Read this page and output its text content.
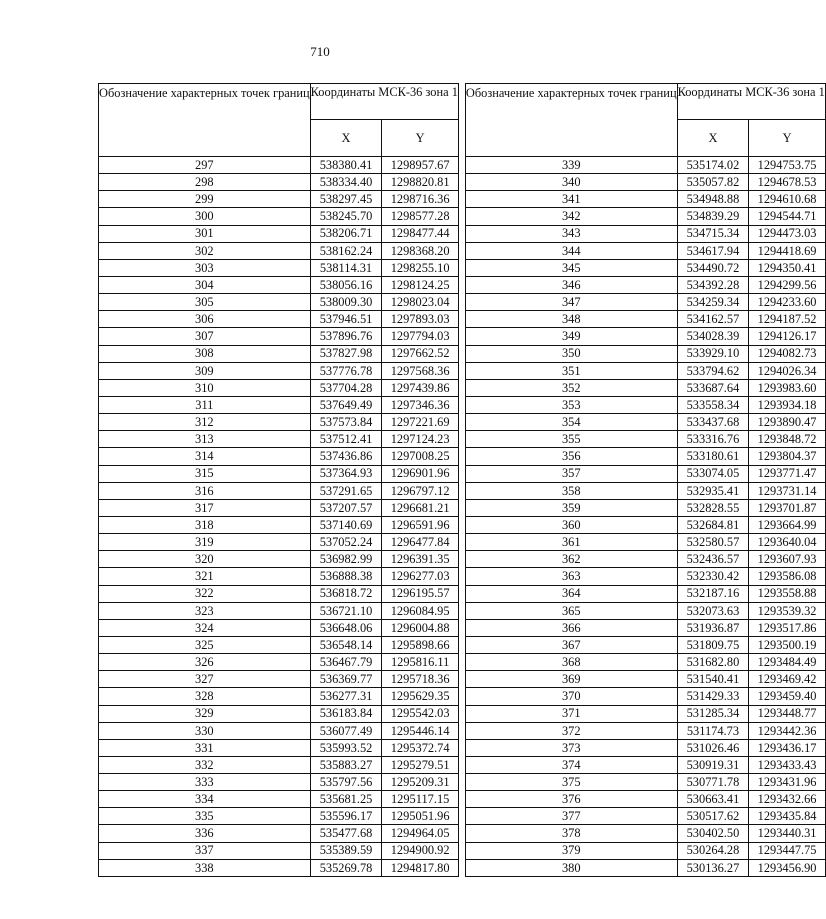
710
Обозначение характерных точек границ	Координаты МСК-36 зона 1	
	X	Y
297	538380.41	1298957.67
298	538334.40	1298820.81
299	538297.45	1298716.36
300	538245.70	1298577.28
301	538206.71	1298477.44
302	538162.24	1298368.20
303	538114.31	1298255.10
304	538056.16	1298124.25
305	538009.30	1298023.04
306	537946.51	1297893.03
307	537896.76	1297794.03
308	537827.98	1297662.52
309	537776.78	1297568.36
310	537704.28	1297439.86
311	537649.49	1297346.36
312	537573.84	1297221.69
313	537512.41	1297124.23
314	537436.86	1297008.25
315	537364.93	1296901.96
316	537291.65	1296797.12
317	537207.57	1296681.21
318	537140.69	1296591.96
319	537052.24	1296477.84
320	536982.99	1296391.35
321	536888.38	1296277.03
322	536818.72	1296195.57
323	536721.10	1296084.95
324	536648.06	1296004.88
325	536548.14	1295898.66
326	536467.79	1295816.11
327	536369.77	1295718.36
328	536277.31	1295629.35
329	536183.84	1295542.03
330	536077.49	1295446.14
331	535993.52	1295372.74
332	535883.27	1295279.51
333	535797.56	1295209.31
334	535681.25	1295117.15
335	535596.17	1295051.96
336	535477.68	1294964.05
337	535389.59	1294900.92
338	535269.78	1294817.80
Обозначение характерных точек границ	Координаты МСК-36 зона 1	
	X	Y
339	535174.02	1294753.75
340	535057.82	1294678.53
341	534948.88	1294610.68
342	534839.29	1294544.71
343	534715.34	1294473.03
344	534617.94	1294418.69
345	534490.72	1294350.41
346	534392.28	1294299.56
347	534259.34	1294233.60
348	534162.57	1294187.52
349	534028.39	1294126.17
350	533929.10	1294082.73
351	533794.62	1294026.34
352	533687.64	1293983.60
353	533558.34	1293934.18
354	533437.68	1293890.47
355	533316.76	1293848.72
356	533180.61	1293804.37
357	533074.05	1293771.47
358	532935.41	1293731.14
359	532828.55	1293701.87
360	532684.81	1293664.99
361	532580.57	1293640.04
362	532436.57	1293607.93
363	532330.42	1293586.08
364	532187.16	1293558.88
365	532073.63	1293539.32
366	531936.87	1293517.86
367	531809.75	1293500.19
368	531682.80	1293484.49
369	531540.41	1293469.42
370	531429.33	1293459.40
371	531285.34	1293448.77
372	531174.73	1293442.36
373	531026.46	1293436.17
374	530919.31	1293433.43
375	530771.78	1293431.96
376	530663.41	1293432.66
377	530517.62	1293435.84
378	530402.50	1293440.31
379	530264.28	1293447.75
380	530136.27	1293456.90
